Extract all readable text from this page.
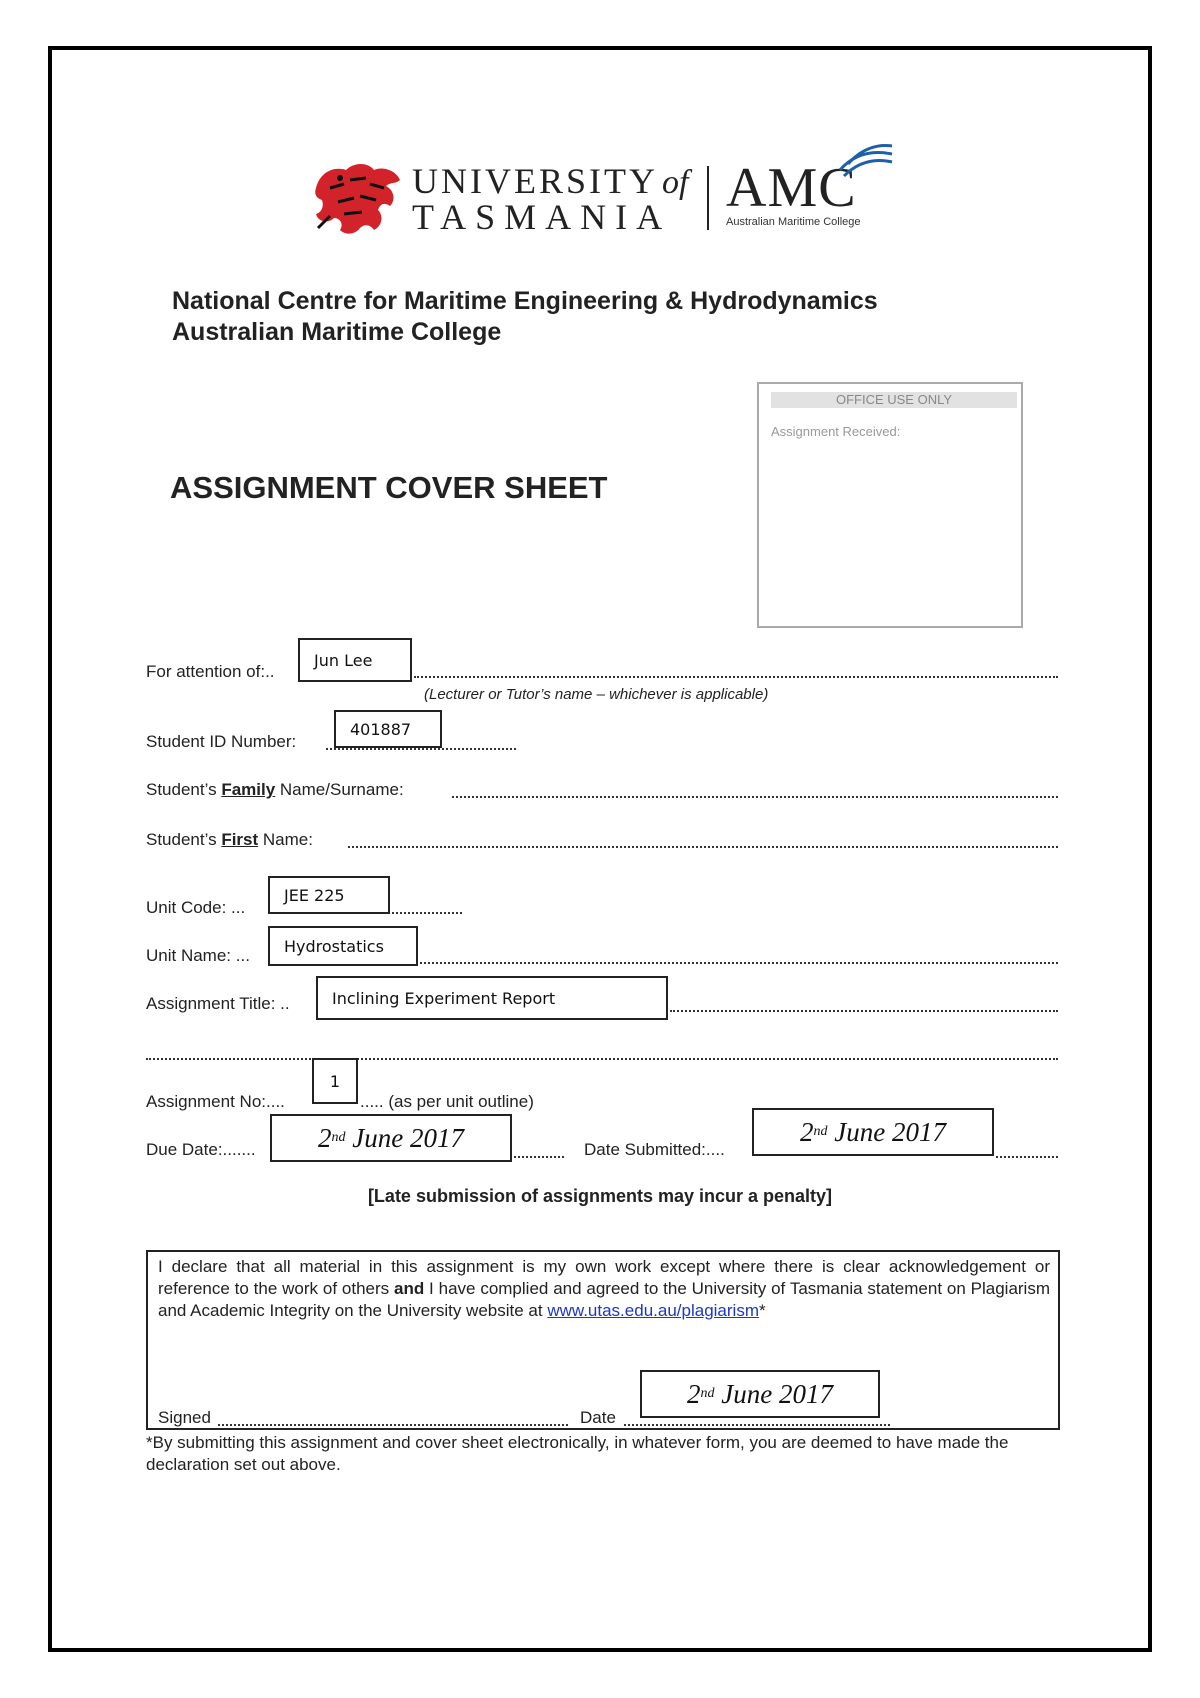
UNIVERSITY of
TASMANIA AMC
Australian Maritime College
National Centre for Maritime Engineering & Hydrodynamics
Australian Maritime College
OFFICE USE ONLY
Assignment Received:
ASSIGNMENT COVER SHEET
For attention of:..
Jun Lee
(Lecturer or Tutor’s name – whichever is applicable)
Student ID Number:
401887
Student’s Family Name/Surname:
Student’s First Name:
Unit Code: ...
JEE 225
Unit Name: ...	Hydrostatics
Assignment Title: ..	Inclining Experiment Report
Assignment No:....
1
..... (as per unit outline)
Due Date:....... 2 nd June 2017	Date Submitted:....
2 nd June 2017
[Late submission of assignments may incur a penalty]
I declare that all material in this assignment is my own work except where there is clear acknowledgement or reference to the work of others and I have complied and agreed to the University of Tasmania statement on Plagiarism and Academic Integrity on the University website at www.utas.edu.au/plagiarism*
Signed	Date
2 nd June 2017
*By submitting this assignment and cover sheet electronically, in whatever form, you are deemed to have made the declaration set out above.
